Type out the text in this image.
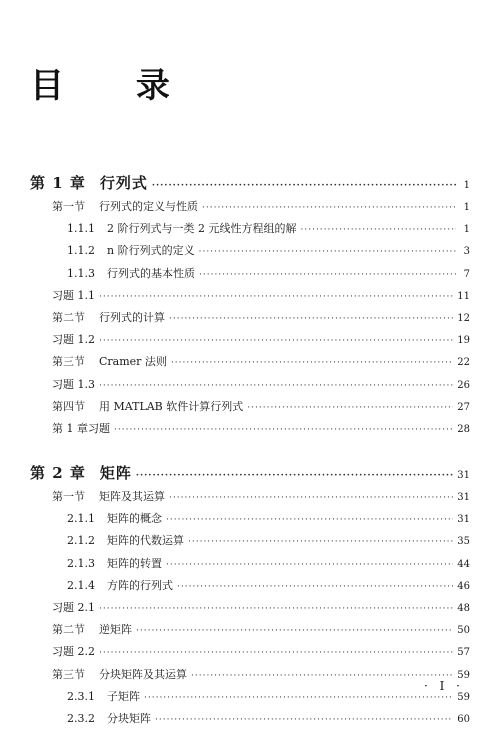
目 录
第 1 章 行列式 ·····	1
第一节 行列式的定义与性质 ·····	1
1.1.1 2 阶行列式与一类 2 元线性方程组的解 ·····	1
1.1.2 n 阶行列式的定义 ·····	3
1.1.3 行列式的基本性质 ·····	7
习题 1.1 ·····	11
第二节 行列式的计算 ·····	12
习题 1.2 ·····	19
第三节 Cramer 法则 ·····	22
习题 1.3 ·····	26
第四节 用 MATLAB 软件计算行列式 ·····	27
第 1 章习题 ·····	28
第 2 章 矩阵 ·····	31
第一节 矩阵及其运算 ·····	31
2.1.1 矩阵的概念 ·····	31
2.1.2 矩阵的代数运算 ·····	35
2.1.3 矩阵的转置 ·····	44
2.1.4 方阵的行列式 ·····	46
习题 2.1 ·····	48
第二节 逆矩阵 ·····	50
习题 2.2 ·····	57
第三节 分块矩阵及其运算 ·····	59
2.3.1 子矩阵 ·····	59
2.3.2 分块矩阵 ·····	60
· I ·
